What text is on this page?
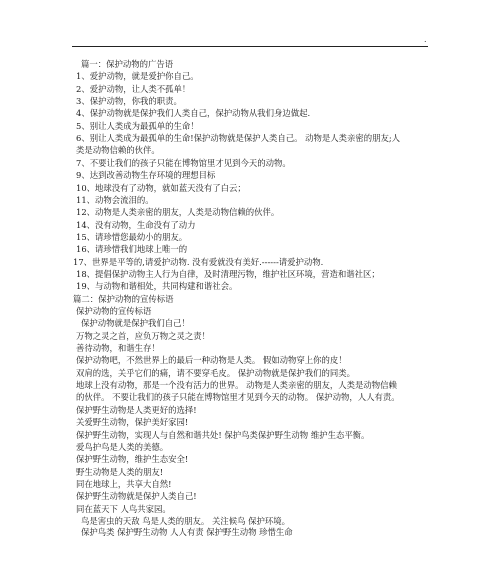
.
篇一：保护动物的广告语
1、爱护动物，就是爱护你自己。
2、爱护动物，让人类不孤单！
3、保护动物，你我的职责。
4、保护动物就是保护我们人类自己，保护动物从我们身边做起.
5、别让人类成为最孤单的生命！
6、别让人类成为最孤单的生命!保护动物就是保护人类自己。 动物是人类亲密的朋友;人
类是动物信赖的伙伴。
7、不要让我们的孩子只能在博物馆里才见到今天的动物。
9、达到改善动物生存环境的理想目标
10、地球没有了动物，就如蓝天没有了白云；
11、动物会流泪的。
12、动物是人类亲密的朋友，人类是动物信赖的伙伴。
14、没有动物，生命没有了动力
15、请珍惜您最幼小的朋友。
16、请珍惜我们地球上唯一的
17、世界是平等的,请爱护动物. 没有爱就没有美好.------请爱护动物.
18、提倡保护动物主人行为自律，及时清理污物，维护社区环境，营造和谐社区；
19、与动物和谐相处，共同构建和谐社会。
篇二：保护动物的宣传标语
保护动物的宣传标语
保护动物就是保护我们自己！
万物之灵之首，应负万物之灵之责！
善待动物，和谐生存！
保护动物吧，不然世界上的最后一种动物是人类。 假如动物穿上你的皮！
双肩的选，关乎它们的痛，请不要穿毛皮。 保护动物就是保护我们的同类。
地球上没有动物，那是一个没有活力的世界。 动物是人类亲密的朋友，人类是动物信赖
的伙伴。 不要让我们的孩子只能在博物馆里才见到今天的动物。 保护动物，人人有责。
保护野生动物是人类更好的选择!
关爱野生动物，保护美好家园!
保护野生动物，实现人与自然和谐共处! 保护鸟类保护野生动物 维护生态平衡。
爱鸟护鸟是人类的美德。
保护野生动物，维护生态安全!
野生动物是人类的朋友!
同在地球上，共享大自然!
保护野生动物就是保护人类自己!
同在蓝天下 人鸟共家园。
鸟是害虫的天敌 鸟是人类的朋友。 关注候鸟 保护环境。
保护鸟类 保护野生动物 人人有责 保护野生动物 珍惜生命
